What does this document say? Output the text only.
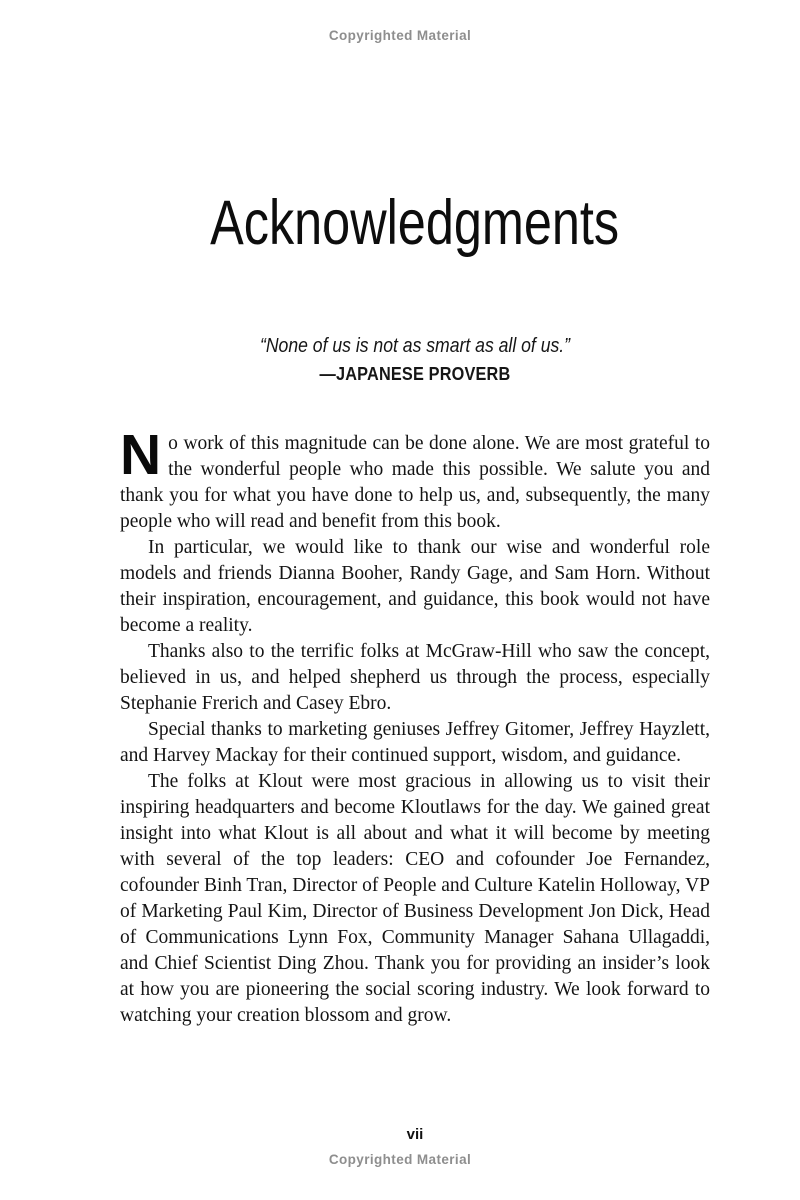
Copyrighted Material
Acknowledgments
“None of us is not as smart as all of us.”
—JAPANESE PROVERB

No work of this magnitude can be done alone. We are most grateful to the wonderful people who made this possible. We salute you and thank you for what you have done to help us, and, subsequently, the many people who will read and benefit from this book.

In particular, we would like to thank our wise and wonderful role models and friends Dianna Booher, Randy Gage, and Sam Horn. Without their inspiration, encouragement, and guidance, this book would not have become a reality.

Thanks also to the terrific folks at McGraw-Hill who saw the concept, believed in us, and helped shepherd us through the process, especially Stephanie Frerich and Casey Ebro.

Special thanks to marketing geniuses Jeffrey Gitomer, Jeffrey Hayzlett, and Harvey Mackay for their continued support, wisdom, and guidance.

The folks at Klout were most gracious in allowing us to visit their inspiring headquarters and become Kloutlaws for the day. We gained great insight into what Klout is all about and what it will become by meeting with several of the top leaders: CEO and cofounder Joe Fernandez, cofounder Binh Tran, Director of People and Culture Katelin Holloway, VP of Marketing Paul Kim, Director of Business Development Jon Dick, Head of Communications Lynn Fox, Community Manager Sahana Ullagaddi, and Chief Scientist Ding Zhou. Thank you for providing an insider’s look at how you are pioneering the social scoring industry. We look forward to watching your creation blossom and grow.

vii
Copyrighted Material
